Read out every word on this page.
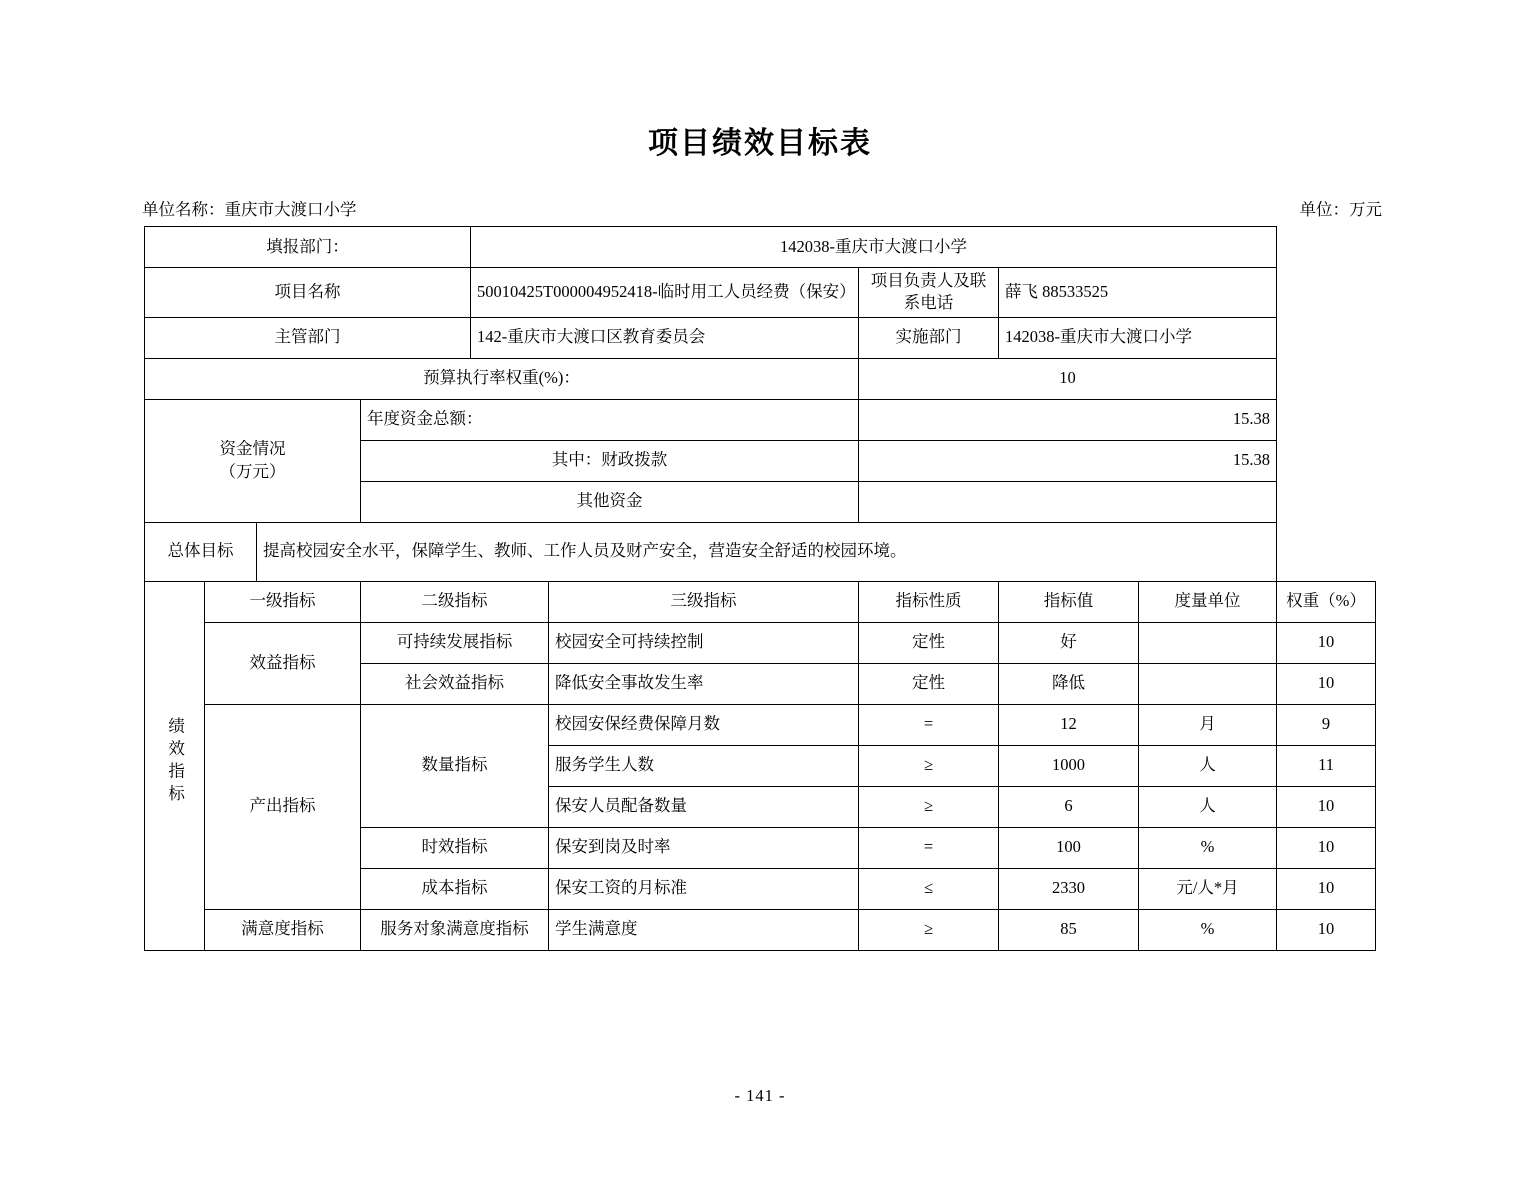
项目绩效目标表
单位名称：重庆市大渡口小学	单位：万元
填报部门：				142038-重庆市大渡口小学					
项目名称				50010425T000004952418-临时用工人员经费（保安）		项目负责人及联系电话	薛飞 88533525		
主管部门				142-重庆市大渡口区教育委员会		实施部门	142038-重庆市大渡口小学		
预算执行率权重(%)：						10			

资金情况
（万元）			年度资金总额：			15.38			
			其中：财政拨款			15.38			
			其他资金						
总体目标		提高校园安全水平，保障学生、教师、工作人员及财产安全，营造安全舒适的校园环境。							
绩效指标	一级指标		二级指标		三级指标	指标性质	指标值	度量单位	权重（%）
	效益指标		可持续发展指标		校园安全可持续控制	定性	好		10
			社会效益指标		降低安全事故发生率	定性	降低		10
	产出指标		数量指标		校园安保经费保障月数	=	12	月	9
					服务学生人数	≥	1000	人	11
					保安人员配备数量	≥	6	人	10
			时效指标		保安到岗及时率	=	100	%	10
			成本指标		保安工资的月标准	≤	2330	元/人*月	10
	满意度指标		服务对象满意度指标		学生满意度	≥	85	%	10
- 141 -
